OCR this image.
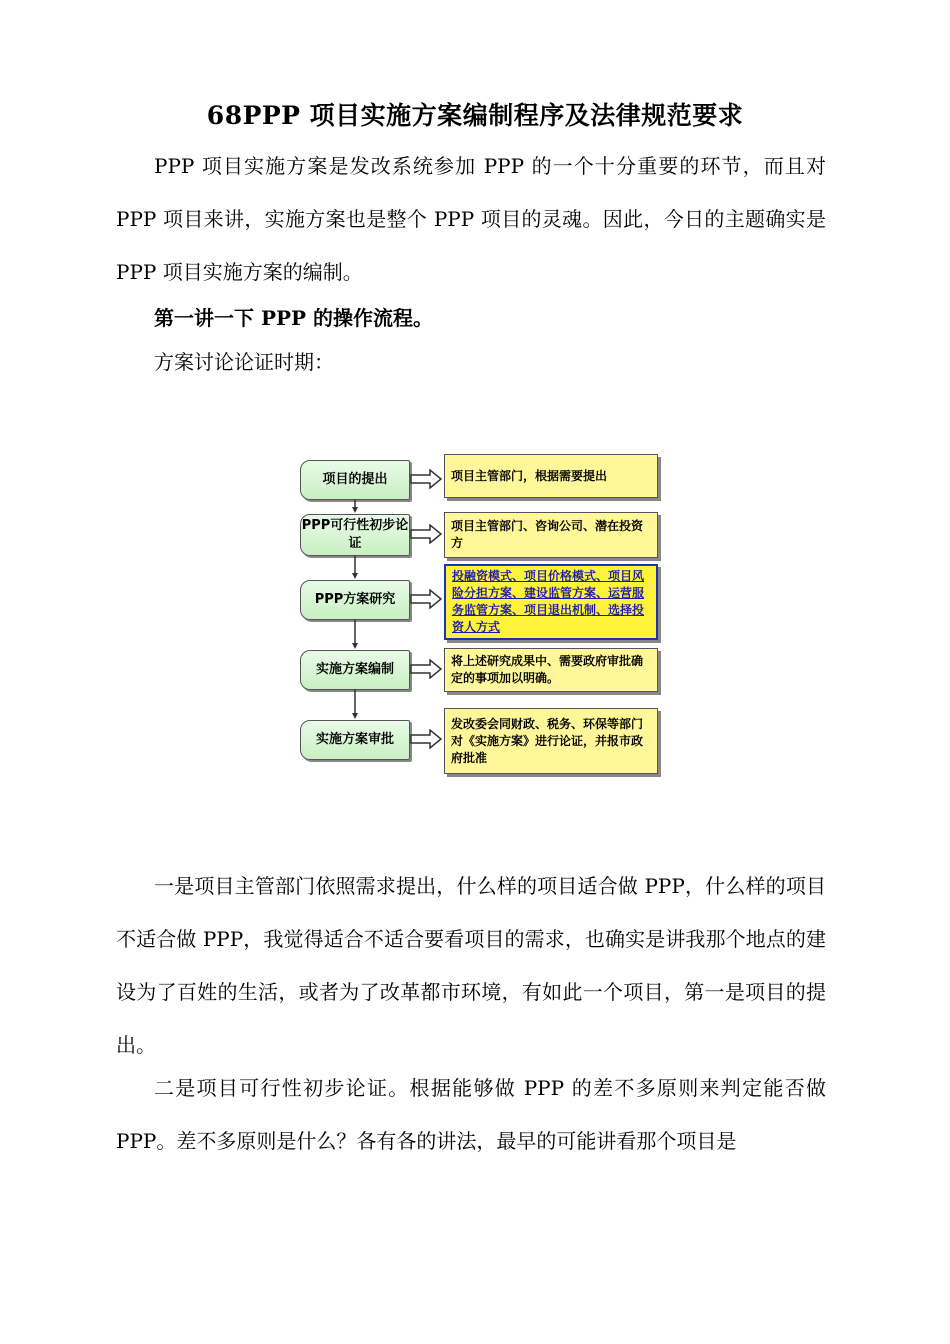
68PPP 项目实施方案编制程序及法律规范要求

PPP 项目实施方案是发改系统参加 PPP 的一个十分重要的环节，而且对 PPP 项目来讲，实施方案也是整个 PPP 项目的灵魂。因此，今日的主题确实是 PPP 项目实施方案的编制。

第一讲一下 PPP 的操作流程。

方案讨论论证时期：

项目的提出	项目主管部门，根据需要提出
PPP可行性初步论证
项目主管部门、咨询公司、潜在投资方
PPP方案研究
投融资模式、项目价格模式、项目风险分担方案、建设监管方案、运营服务监管方案、项目退出机制、选择投资人方式
实施方案编制
将上述研究成果中、需要政府审批确定的事项加以明确。
实施方案审批
发改委会同财政、税务、环保等部门对《实施方案》进行论证，并报市政府批准

一是项目主管部门依照需求提出，什么样的项目适合做 PPP，什么样的项目不适合做 PPP，我觉得适合不适合要看项目的需求，也确实是讲我那个地点的建设为了百姓的生活，或者为了改革都市环境，有如此一个项目，第一是项目的提出。

二是项目可行性初步论证。根据能够做 PPP 的差不多原则来判定能否做 PPP。差不多原则是什么？各有各的讲法，最早的可能讲看那个项目是
